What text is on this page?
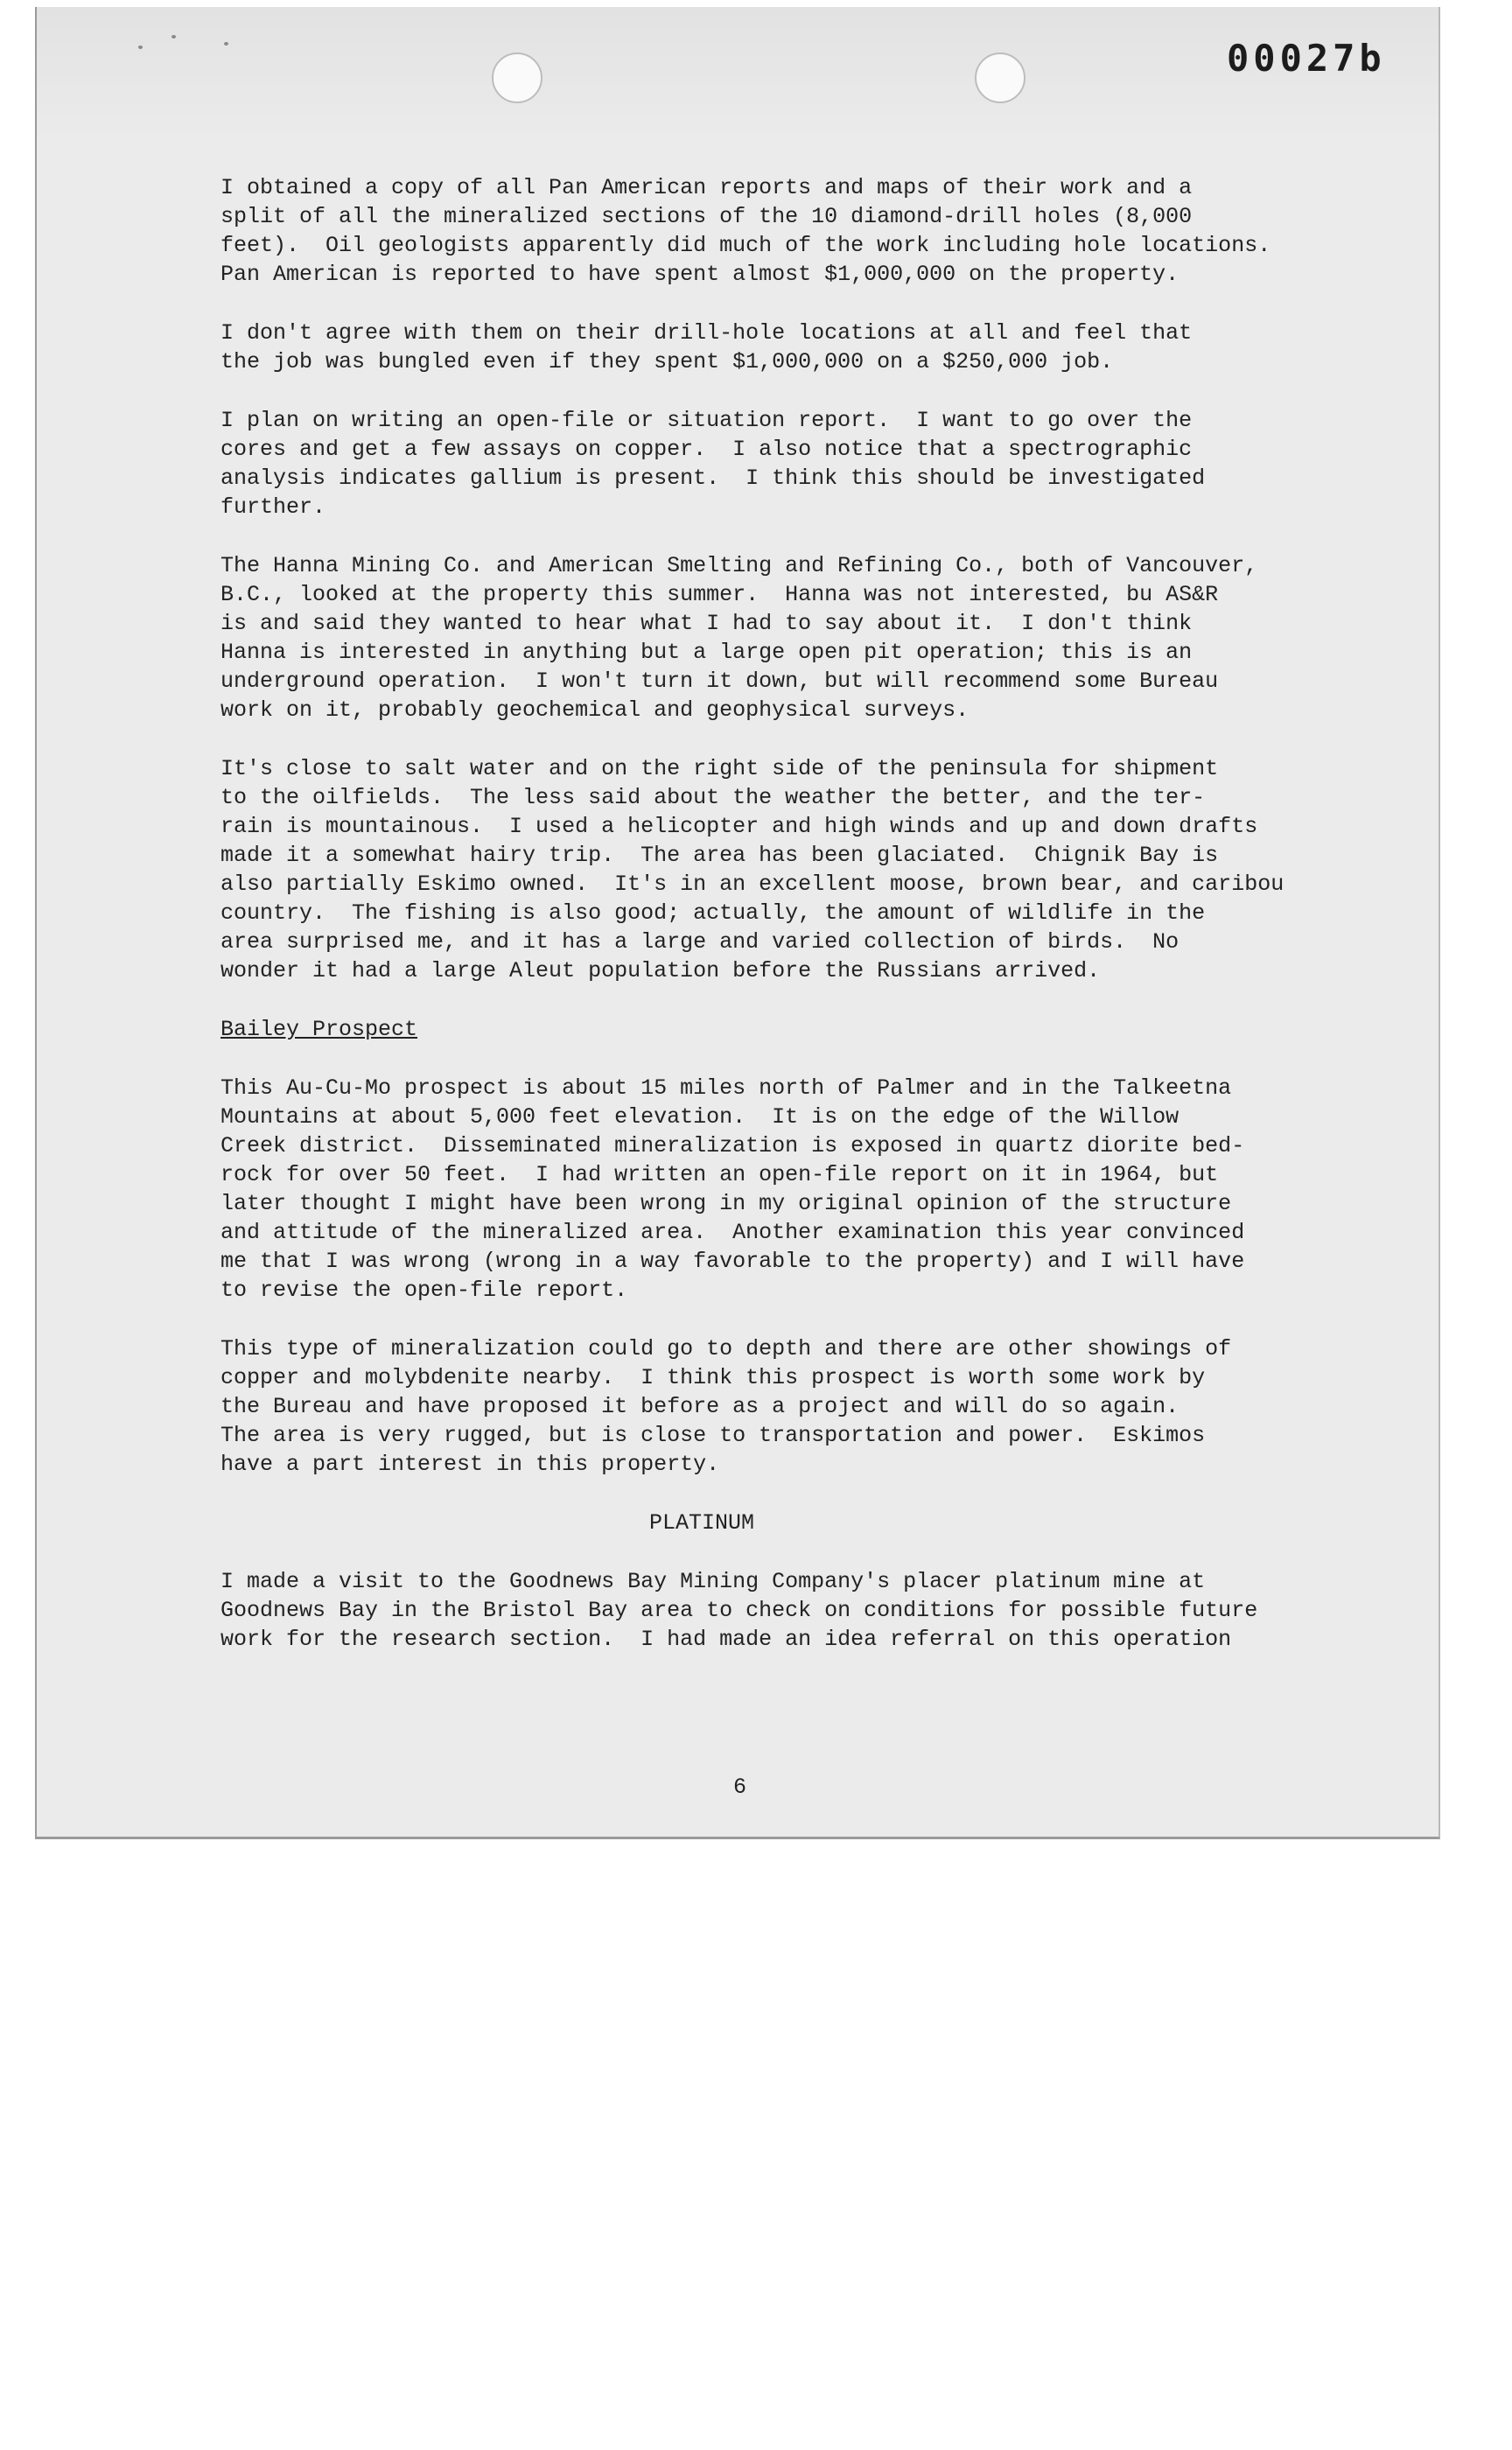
00027b
I obtained a copy of all Pan American reports and maps of their work and a
split of all the mineralized sections of the 10 diamond-drill holes (8,000
feet).  Oil geologists apparently did much of the work including hole locations.
Pan American is reported to have spent almost $1,000,000 on the property.
I don't agree with them on their drill-hole locations at all and feel that
the job was bungled even if they spent $1,000,000 on a $250,000 job.
I plan on writing an open-file or situation report.  I want to go over the
cores and get a few assays on copper.  I also notice that a spectrographic
analysis indicates gallium is present.  I think this should be investigated
further.
The Hanna Mining Co. and American Smelting and Refining Co., both of Vancouver,
B.C., looked at the property this summer.  Hanna was not interested, bu AS&R
is and said they wanted to hear what I had to say about it.  I don't think
Hanna is interested in anything but a large open pit operation; this is an
underground operation.  I won't turn it down, but will recommend some Bureau
work on it, probably geochemical and geophysical surveys.
It's close to salt water and on the right side of the peninsula for shipment
to the oilfields.  The less said about the weather the better, and the ter-
rain is mountainous.  I used a helicopter and high winds and up and down drafts
made it a somewhat hairy trip.  The area has been glaciated.  Chignik Bay is
also partially Eskimo owned.  It's in an excellent moose, brown bear, and caribou
country.  The fishing is also good; actually, the amount of wildlife in the
area surprised me, and it has a large and varied collection of birds.  No
wonder it had a large Aleut population before the Russians arrived.
Bailey Prospect
This Au-Cu-Mo prospect is about 15 miles north of Palmer and in the Talkeetna
Mountains at about 5,000 feet elevation.  It is on the edge of the Willow
Creek district.  Disseminated mineralization is exposed in quartz diorite bed-
rock for over 50 feet.  I had written an open-file report on it in 1964, but
later thought I might have been wrong in my original opinion of the structure
and attitude of the mineralized area.  Another examination this year convinced
me that I was wrong (wrong in a way favorable to the property) and I will have
to revise the open-file report.
This type of mineralization could go to depth and there are other showings of
copper and molybdenite nearby.  I think this prospect is worth some work by
the Bureau and have proposed it before as a project and will do so again.
The area is very rugged, but is close to transportation and power.  Eskimos
have a part interest in this property.
PLATINUM
I made a visit to the Goodnews Bay Mining Company's placer platinum mine at
Goodnews Bay in the Bristol Bay area to check on conditions for possible future
work for the research section.  I had made an idea referral on this operation
6
